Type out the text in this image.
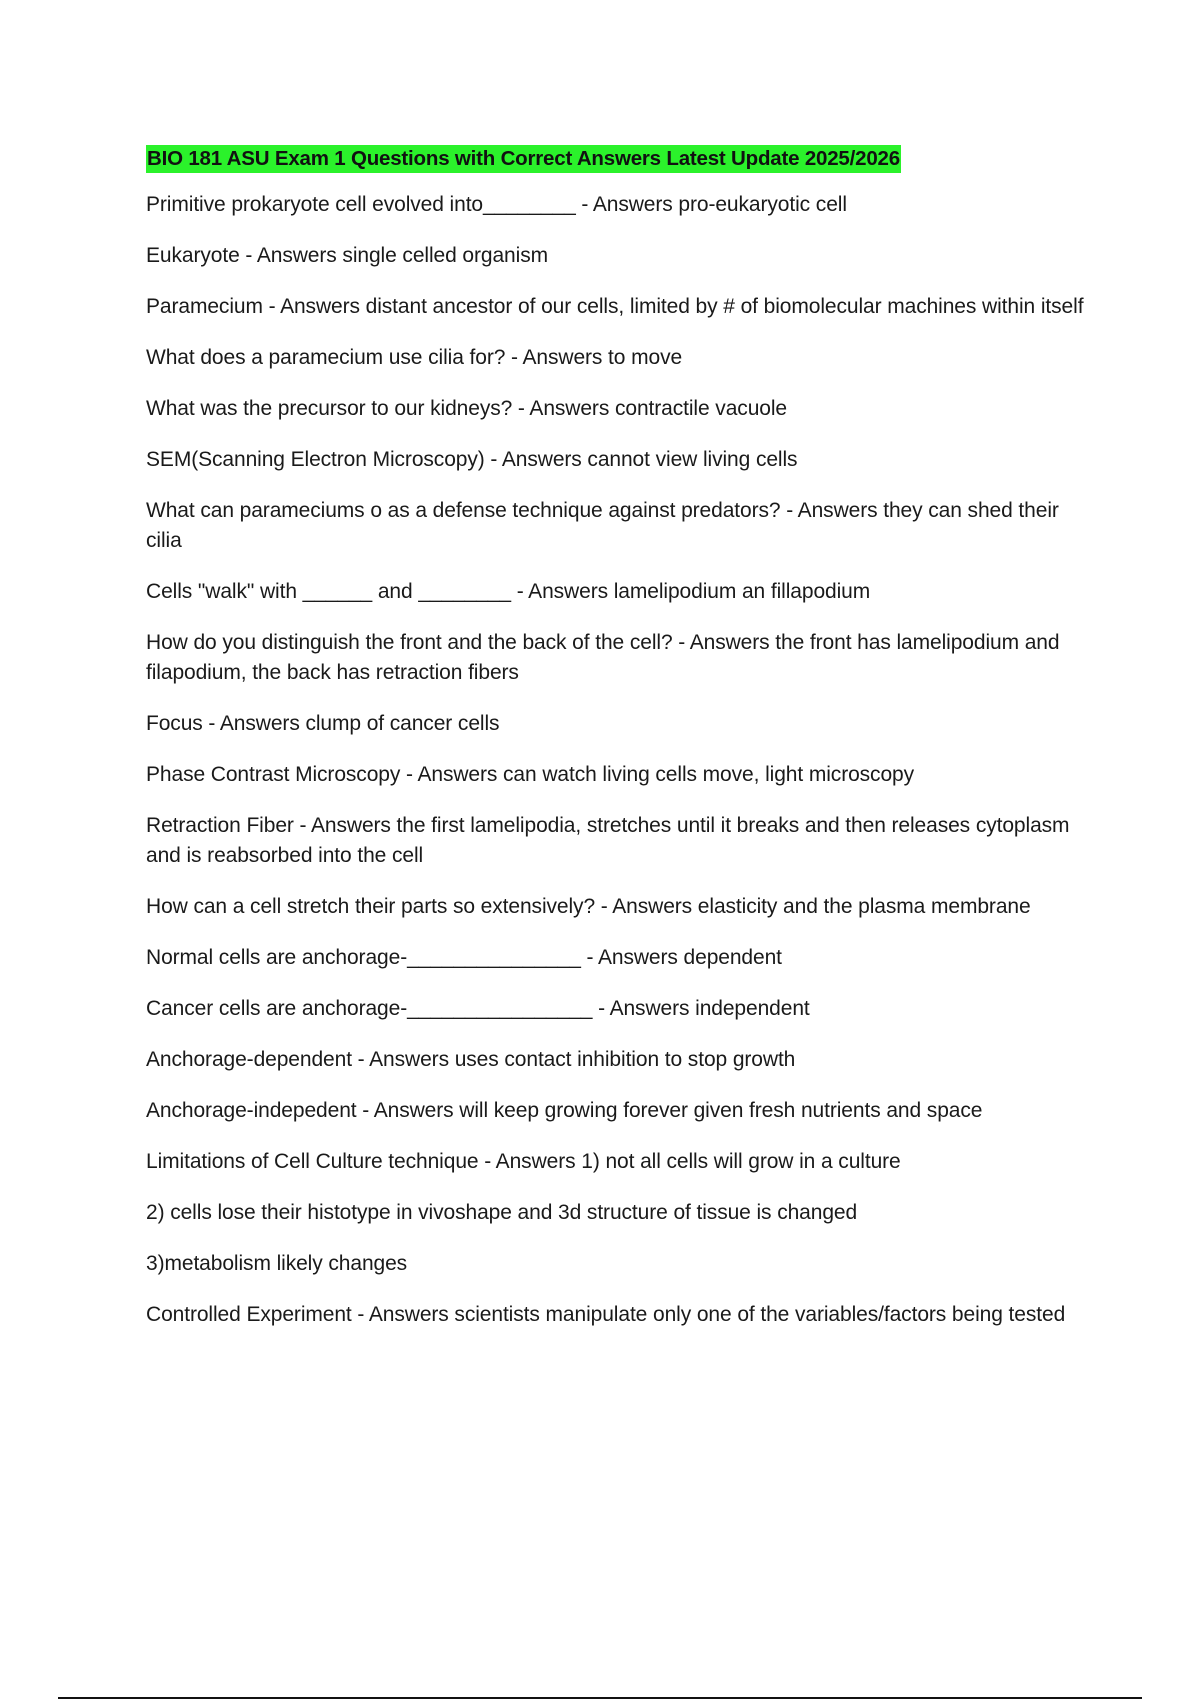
BIO 181 ASU Exam 1 Questions with Correct Answers Latest Update 2025/2026
Primitive prokaryote cell evolved into________ - Answers pro-eukaryotic cell
Eukaryote - Answers single celled organism
Paramecium - Answers distant ancestor of our cells, limited by # of biomolecular machines within itself
What does a paramecium use cilia for? - Answers to move
What was the precursor to our kidneys? - Answers contractile vacuole
SEM(Scanning Electron Microscopy) - Answers cannot view living cells
What can parameciums o as a defense technique against predators? - Answers they can shed their cilia
Cells "walk" with ______ and ________ - Answers lamelipodium an fillapodium
How do you distinguish the front and the back of the cell? - Answers the front has lamelipodium and filapodium, the back has retraction fibers
Focus - Answers clump of cancer cells
Phase Contrast Microscopy - Answers can watch living cells move, light microscopy
Retraction Fiber - Answers the first lamelipodia, stretches until it breaks and then releases cytoplasm and is reabsorbed into the cell
How can a cell stretch their parts so extensively? - Answers elasticity and the plasma membrane
Normal cells are anchorage-_______________ - Answers dependent
Cancer cells are anchorage-________________ - Answers independent
Anchorage-dependent - Answers uses contact inhibition to stop growth
Anchorage-indepedent - Answers will keep growing forever given fresh nutrients and space
Limitations of Cell Culture technique - Answers 1) not all cells will grow in a culture
2) cells lose their histotype in vivoshape and 3d structure of tissue is changed
3)metabolism likely changes
Controlled Experiment - Answers scientists manipulate only one of the variables/factors being tested
